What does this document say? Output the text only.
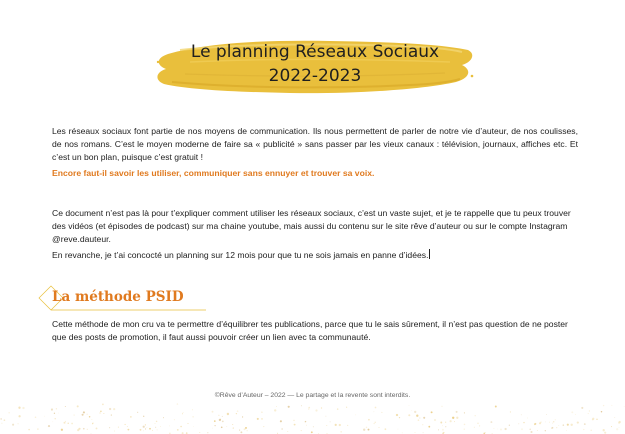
Le planning Réseaux Sociaux
2022-2023
Les réseaux sociaux font partie de nos moyens de communication. Ils nous permettent de parler de notre vie d’auteur, de nos coulisses, de nos romans. C’est le moyen moderne de faire sa « publicité » sans passer par les vieux canaux : télévision, journaux, affiches etc. Et c’est un bon plan, puisque c’est gratuit !
Encore faut-il savoir les utiliser, communiquer sans ennuyer et trouver sa voix.
Ce document n’est pas là pour t’expliquer comment utiliser les réseaux sociaux, c’est un vaste sujet, et je te rappelle que tu peux trouver des vidéos (et épisodes de podcast) sur ma chaine youtube, mais aussi du contenu sur le site rêve d’auteur ou sur le compte Instagram @reve.dauteur.
En revanche, je t’ai concocté un planning sur 12 mois pour que tu ne sois jamais en panne d’idées.
La méthode PSID
Cette méthode de mon cru va te permettre d’équilibrer tes publications, parce que tu le sais sûrement, il n’est pas question de ne poster que des posts de promotion, il faut aussi pouvoir créer un lien avec ta communauté.
©Rêve d’Auteur – 2022 — Le partage et la revente sont interdits.
